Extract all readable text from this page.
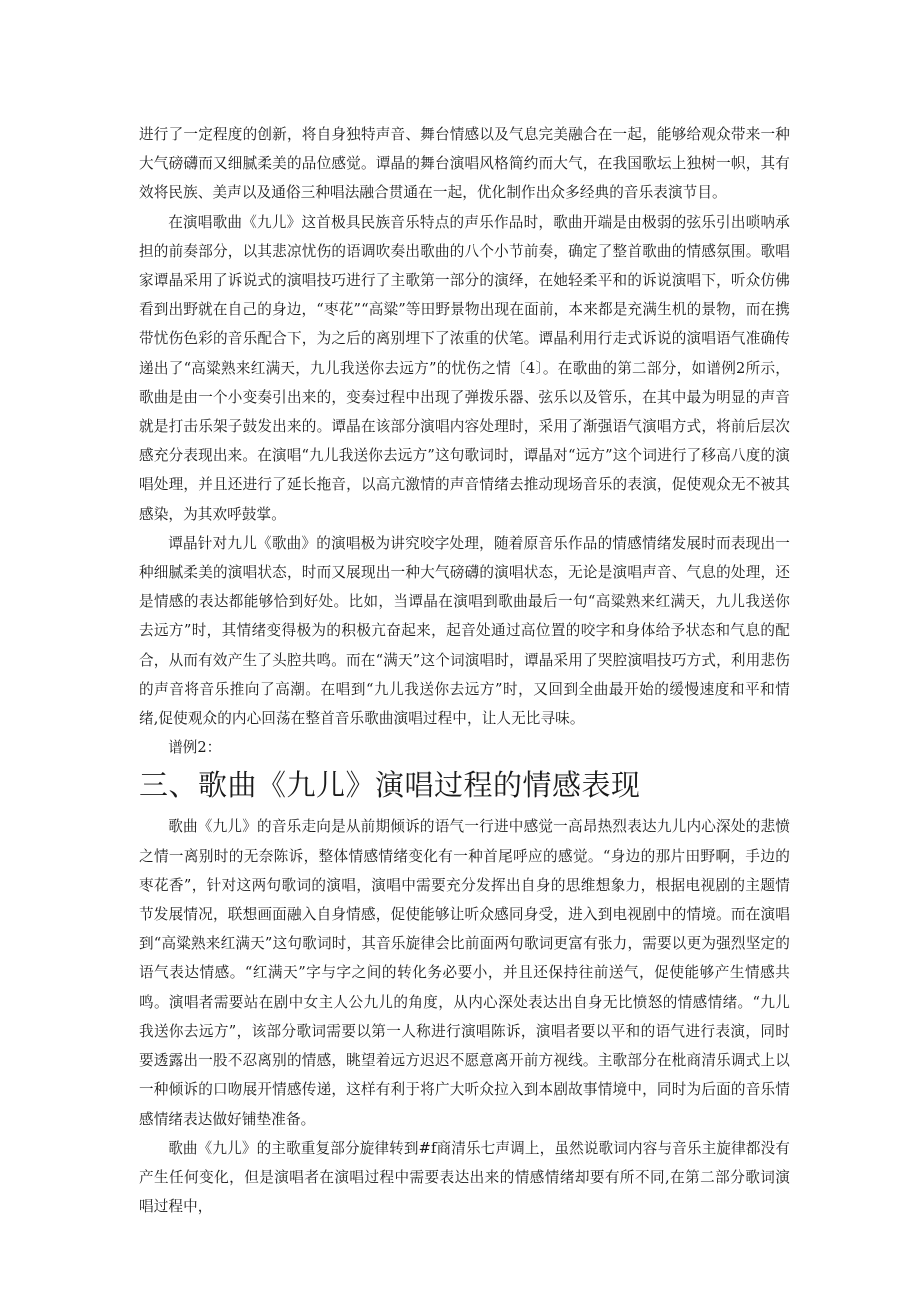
进行了一定程度的创新，将自身独特声音、舞台情感以及气息完美融合在一起，能够给观众带来一种大气磅礴而又细腻柔美的品位感觉。谭晶的舞台演唱风格简约而大气，在我国歌坛上独树一帜，其有效将民族、美声以及通俗三种唱法融合贯通在一起，优化制作出众多经典的音乐表演节目。

在演唱歌曲《九儿》这首极具民族音乐特点的声乐作品时，歌曲开端是由极弱的弦乐引出唢呐承担的前奏部分，以其悲凉忧伤的语调吹奏出歌曲的八个小节前奏，确定了整首歌曲的情感氛围。歌唱家谭晶采用了诉说式的演唱技巧进行了主歌第一部分的演绎，在她轻柔平和的诉说演唱下，听众仿佛看到出野就在自己的身边，“枣花”“高粱”等田野景物出现在面前，本来都是充满生机的景物，而在携带忧伤色彩的音乐配合下，为之后的离别埋下了浓重的伏笔。谭晶利用行走式诉说的演唱语气准确传递出了“高粱熟来红满天，九儿我送你去远方”的忧伤之情〔4〕。在歌曲的第二部分，如谱例2所示，歌曲是由一个小变奏引出来的，变奏过程中出现了弹拨乐器、弦乐以及管乐，在其中最为明显的声音就是打击乐架子鼓发出来的。谭晶在该部分演唱内容处理时，采用了渐强语气演唱方式，将前后层次感充分表现出来。在演唱“九儿我送你去远方”这句歌词时，谭晶对“远方”这个词进行了移高八度的演唱处理，并且还进行了延长拖音，以高亢激情的声音情绪去推动现场音乐的表演，促使观众无不被其感染，为其欢呼鼓掌。

谭晶针对九儿《歌曲》的演唱极为讲究咬字处理，随着原音乐作品的情感情绪发展时而表现出一种细腻柔美的演唱状态，时而又展现出一种大气磅礴的演唱状态，无论是演唱声音、气息的处理，还是情感的表达都能够恰到好处。比如，当谭晶在演唱到歌曲最后一句“高粱熟来红满天，九儿我送你去远方”时，其情绪变得极为的积极亢奋起来，起音处通过高位置的咬字和身体给予状态和气息的配合，从而有效产生了头腔共鸣。而在“满天”这个词演唱时，谭晶采用了哭腔演唱技巧方式，利用悲伤的声音将音乐推向了高潮。在唱到“九儿我送你去远方”时，又回到全曲最开始的缓慢速度和平和情绪,促使观众的内心回荡在整首音乐歌曲演唱过程中，让人无比寻味。

谱例2：

三、歌曲《九儿》演唱过程的情感表现

歌曲《九儿》的音乐走向是从前期倾诉的语气一行进中感觉一高昂热烈表达九儿内心深处的悲愤之情一离别时的无奈陈诉，整体情感情绪变化有一种首尾呼应的感觉。“身边的那片田野啊，手边的枣花香”，针对这两句歌词的演唱，演唱中需要充分发挥出自身的思维想象力，根据电视剧的主题情节发展情况，联想画面融入自身情感，促使能够让听众感同身受，进入到电视剧中的情境。而在演唱到“高粱熟来红满天”这句歌词时，其音乐旋律会比前面两句歌词更富有张力，需要以更为强烈坚定的语气表达情感。“红满天”字与字之间的转化务必要小，并且还保持往前送气，促使能够产生情感共鸣。演唱者需要站在剧中女主人公九儿的角度，从内心深处表达出自身无比愤怒的情感情绪。“九儿我送你去远方”，该部分歌词需要以第一人称进行演唱陈诉，演唱者要以平和的语气进行表演，同时要透露出一股不忍离别的情感，眺望着远方迟迟不愿意离开前方视线。主歌部分在枇商清乐调式上以一种倾诉的口吻展开情感传递，这样有利于将广大听众拉入到本剧故事情境中，同时为后面的音乐情感情绪表达做好铺垫准备。

歌曲《九儿》的主歌重复部分旋律转到#f商清乐七声调上，虽然说歌词内容与音乐主旋律都没有产生任何变化，但是演唱者在演唱过程中需要表达出来的情感情绪却要有所不同,在第二部分歌词演唱过程中，
